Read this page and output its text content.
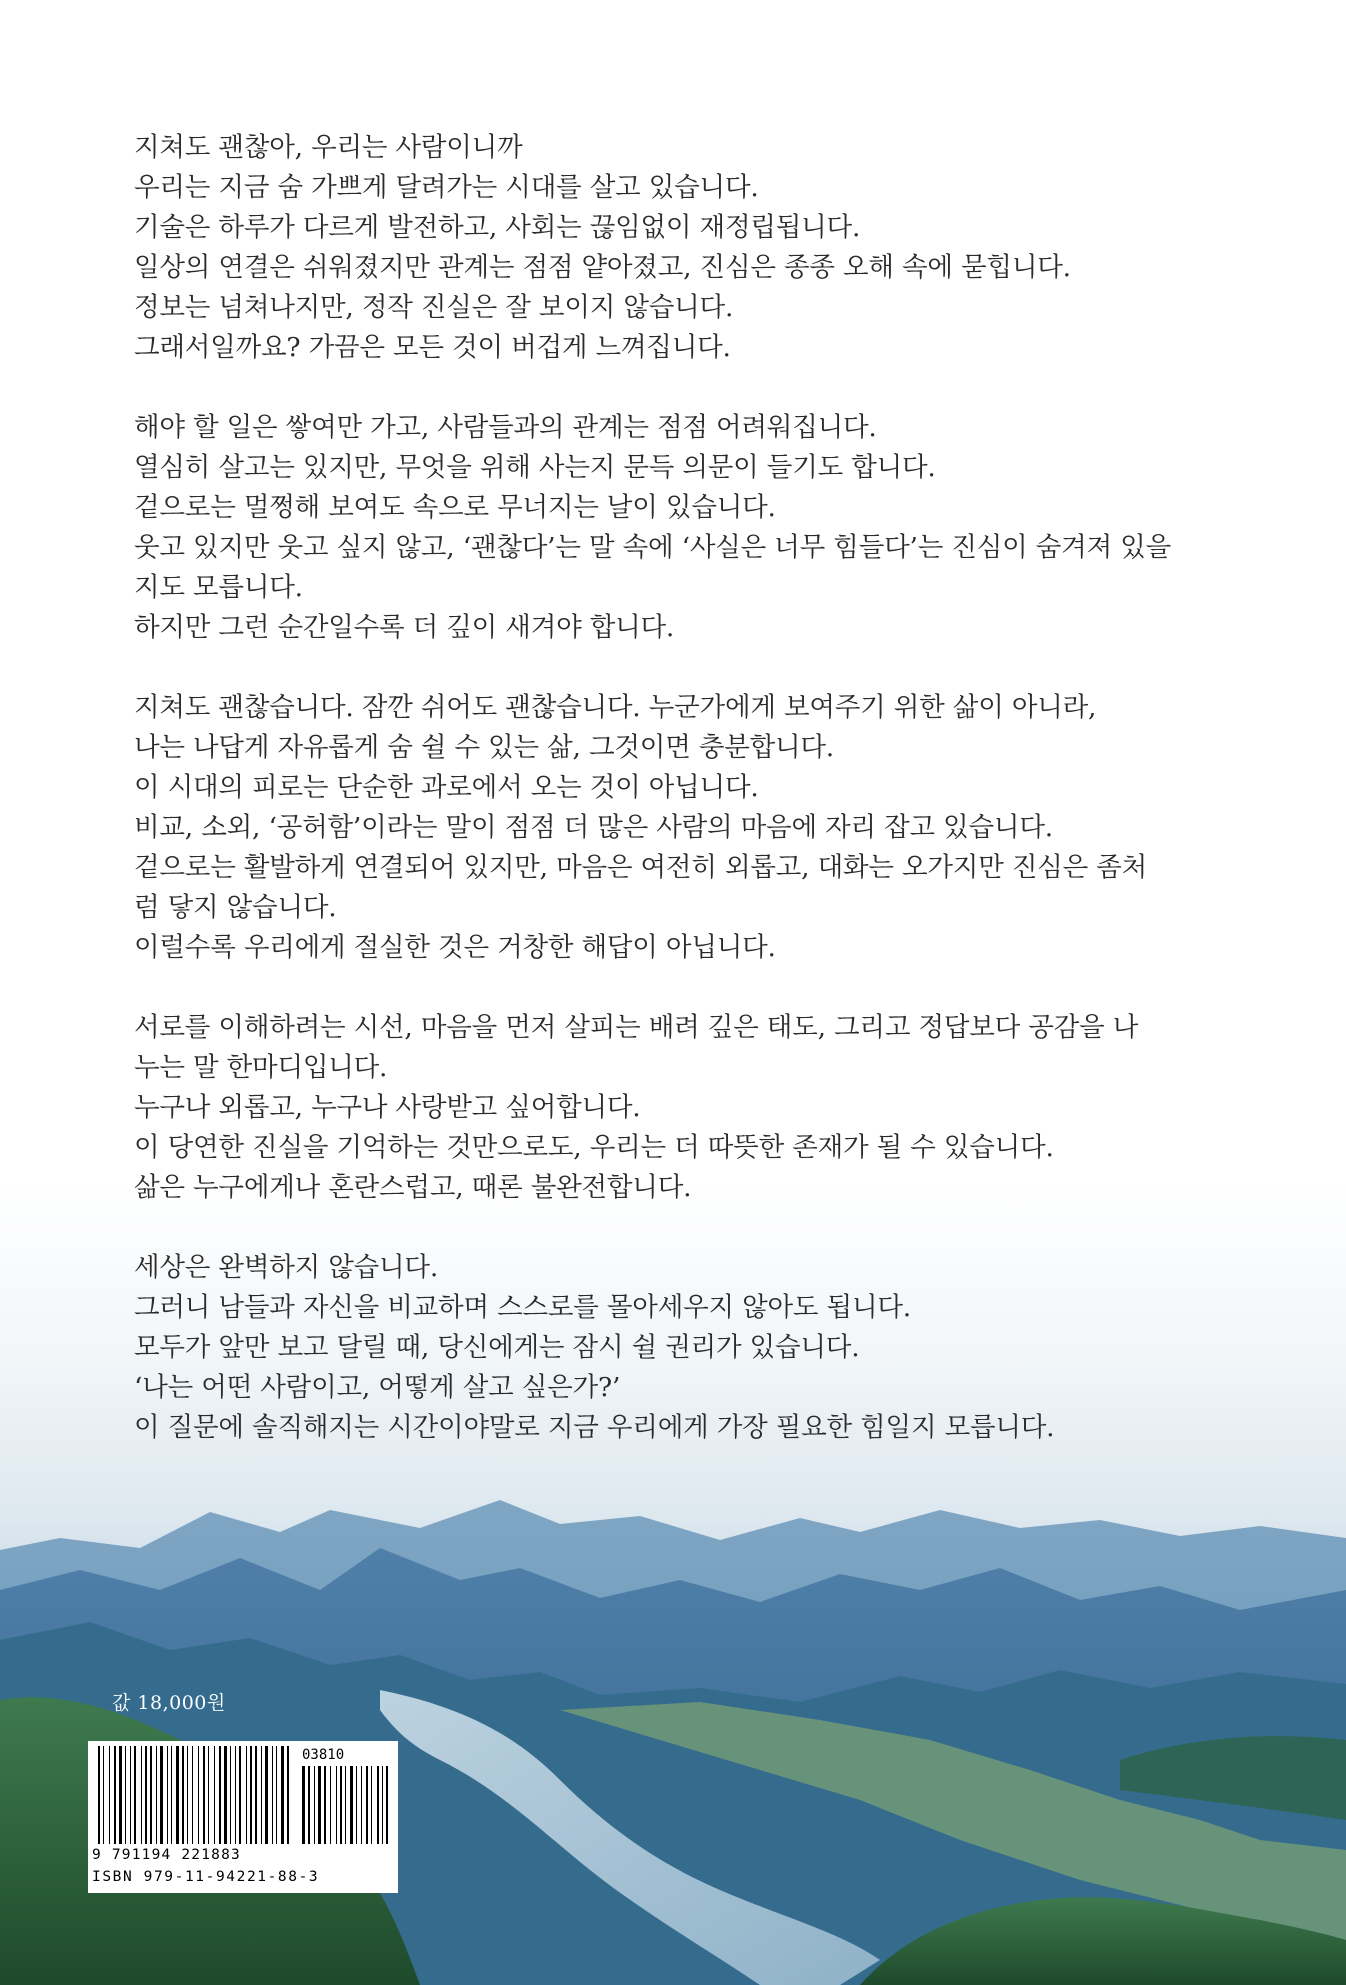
지쳐도 괜찮아, 우리는 사람이니까
우리는 지금 숨 가쁘게 달려가는 시대를 살고 있습니다.
기술은 하루가 다르게 발전하고, 사회는 끊임없이 재정립됩니다.
일상의 연결은 쉬워졌지만 관계는 점점 얕아졌고, 진심은 종종 오해 속에 묻힙니다.
정보는 넘쳐나지만, 정작 진실은 잘 보이지 않습니다.
그래서일까요? 가끔은 모든 것이 버겁게 느껴집니다.
해야 할 일은 쌓여만 가고, 사람들과의 관계는 점점 어려워집니다.
열심히 살고는 있지만, 무엇을 위해 사는지 문득 의문이 들기도 합니다.
겉으로는 멀쩡해 보여도 속으로 무너지는 날이 있습니다.
웃고 있지만 웃고 싶지 않고, ‘괜찮다’는 말 속에 ‘사실은 너무 힘들다’는 진심이 숨겨져 있을
지도 모릅니다.
하지만 그런 순간일수록 더 깊이 새겨야 합니다.
지쳐도 괜찮습니다. 잠깐 쉬어도 괜찮습니다. 누군가에게 보여주기 위한 삶이 아니라,
나는 나답게 자유롭게 숨 쉴 수 있는 삶, 그것이면 충분합니다.
이 시대의 피로는 단순한 과로에서 오는 것이 아닙니다.
비교, 소외, ‘공허함’이라는 말이 점점 더 많은 사람의 마음에 자리 잡고 있습니다.
겉으로는 활발하게 연결되어 있지만, 마음은 여전히 외롭고, 대화는 오가지만 진심은 좀처
럼 닿지 않습니다.
이럴수록 우리에게 절실한 것은 거창한 해답이 아닙니다.
서로를 이해하려는 시선, 마음을 먼저 살피는 배려 깊은 태도, 그리고 정답보다 공감을 나
누는 말 한마디입니다.
누구나 외롭고, 누구나 사랑받고 싶어합니다.
이 당연한 진실을 기억하는 것만으로도, 우리는 더 따뜻한 존재가 될 수 있습니다.
삶은 누구에게나 혼란스럽고, 때론 불완전합니다.
세상은 완벽하지 않습니다.
그러니 남들과 자신을 비교하며 스스로를 몰아세우지 않아도 됩니다.
모두가 앞만 보고 달릴 때, 당신에게는 잠시 쉴 권리가 있습니다.
‘나는 어떤 사람이고, 어떻게 살고 싶은가?’
이 질문에 솔직해지는 시간이야말로 지금 우리에게 가장 필요한 힘일지 모릅니다.
값 18,000원
03810
9 791194 221883
ISBN 979-11-94221-88-3
